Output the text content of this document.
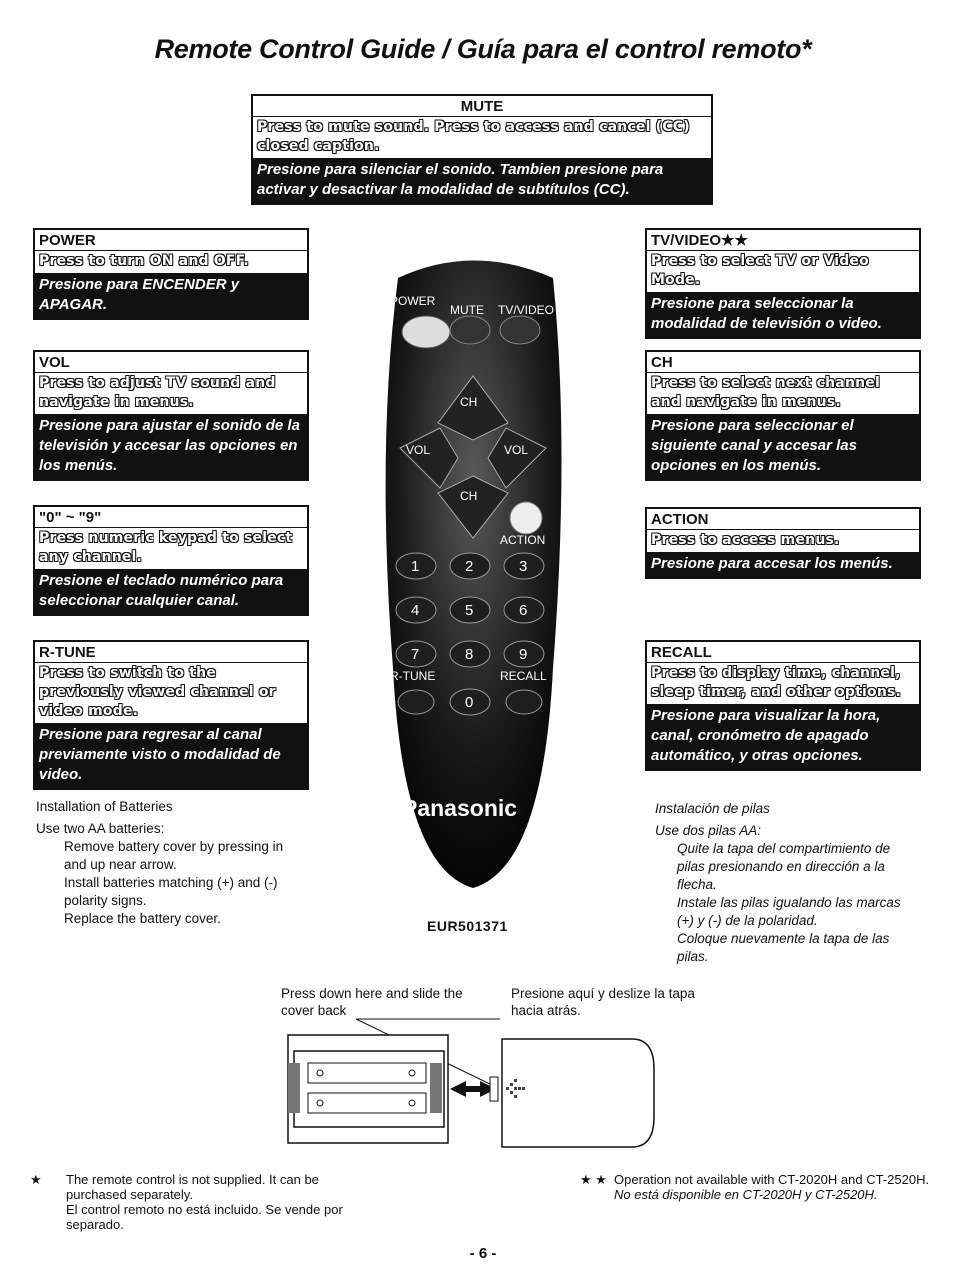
Remote Control Guide / Guía para el control remoto*
MUTE
Press to mute sound. Press to access and cancel (CC) closed caption.
Presione para silenciar el sonido. Tambien presione para activar y desactivar la modalidad de subtítulos (CC).
POWER
Press to turn ON and OFF.
Presione para ENCENDER y APAGAR.
VOL
Press to adjust TV sound and navigate in menus.
Presione para ajustar el sonido de la televisión y accesar las opciones en los menús.
"0" ~ "9"
Press numeric keypad to select any channel.
Presione el teclado numérico para seleccionar cualquier canal.
R-TUNE
Press to switch to the previously viewed channel or video mode.
Presione para regresar al canal previamente visto o modalidad de video.
TV/VIDEO★★
Press to select TV or Video Mode.
Presione para seleccionar la modalidad de televisión o video.
CH
Press to select next channel and navigate in menus.
Presione para seleccionar el siguiente canal y accesar las opciones en los menús.
ACTION
Press to access menus.
Presione para accesar los menús.
RECALL
Press to display time, channel, sleep timer, and other options.
Presione para visualizar la hora, canal, cronómetro de apagado automático, y otras opciones.
POWER
MUTE TV/VIDEO
CH
VOL	VOL
CH
ACTION
1	2	3
4	5	6
7	8	9
R-TUNE	RECALL
0
Panasonic
EUR501371
Installation of Batteries
Use two AA batteries:
Remove battery cover by pressing in and up near arrow.
Install batteries matching (+) and (-) polarity signs.
Replace the battery cover.
Instalación de pilas
Use dos pilas AA:
Quite la tapa del compartimiento de pilas presionando en dirección a la flecha.
Instale las pilas igualando las marcas (+) y (-) de la polaridad.
Coloque nuevamente la tapa de las pilas.
Press down here and slide the cover back
Presione aquí y deslize la tapa hacia atrás.
★ The remote control is not supplied. It can be purchased separately.
El control remoto no está incluido. Se vende por separado.
★ ★ Operation not available with CT-2020H and CT-2520H.
No está disponible en CT-2020H y CT-2520H.
- 6 -
